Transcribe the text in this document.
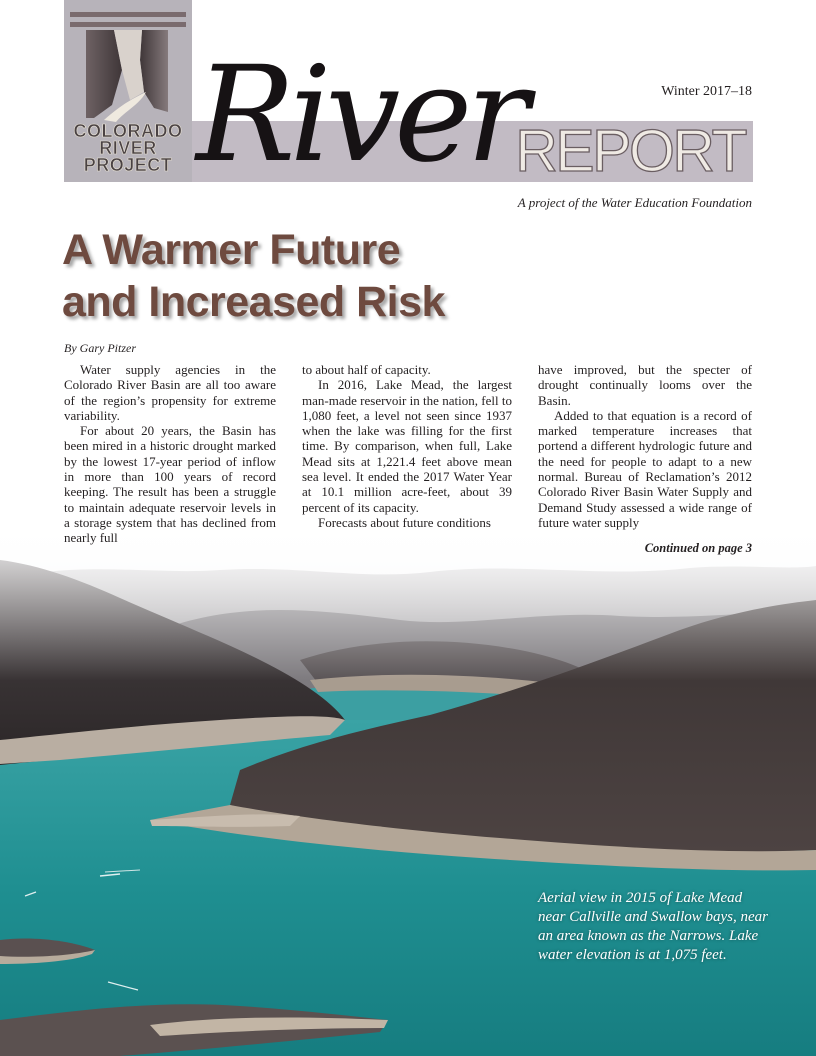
COLORADO
RIVER
PROJECT	REPORT
River	Winter 2017–18
A project of the Water Education Foundation
A Warmer Future
and Increased Risk
By Gary Pitzer

Water supply agencies in the Colorado River Basin are all too aware of the region’s propensity for extreme variability.

For about 20 years, the Basin has been mired in a historic drought marked by the lowest 17-year period of inflow in more than 100 years of record keeping. The result has been a struggle to maintain adequate reservoir levels in a storage system that has declined from nearly full

to about half of capacity.

In 2016, Lake Mead, the largest man-made reservoir in the nation, fell to 1,080 feet, a level not seen since 1937 when the lake was filling for the first time. By comparison, when full, Lake Mead sits at 1,221.4 feet above mean sea level. It ended the 2017 Water Year at 10.1 million acre-feet, about 39 percent of its capacity.

Forecasts about future conditions

have improved, but the specter of drought continually looms over the Basin.

Added to that equation is a record of marked temperature increases that portend a different hydrologic future and the need for people to adapt to a new normal. Bureau of Reclamation’s 2012 Colorado River Basin Water Supply and Demand Study assessed a wide range of future water supply

Continued on page 3
Aerial view in 2015 of Lake Mead near Callville and Swallow bays, near an area known as the Narrows. Lake water elevation is at 1,075 feet.
